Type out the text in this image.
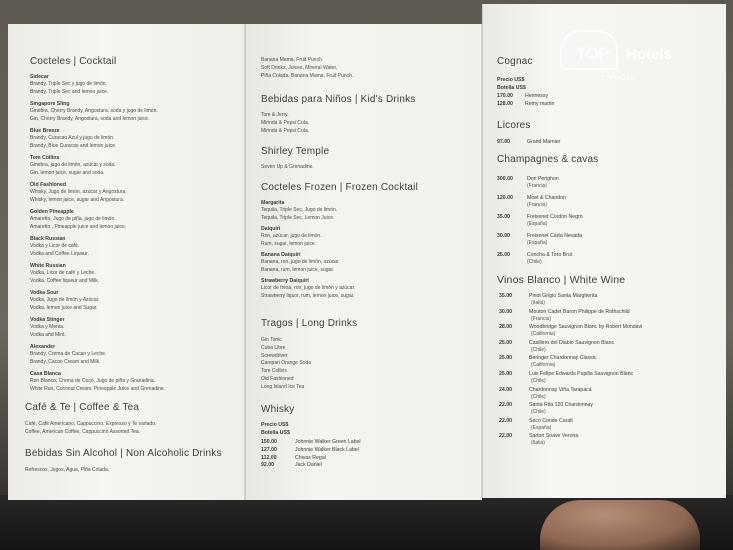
Cocteles | Cocktail
Sidecar
Brandy, Triple Sec y jugo de limón.
Brandy, Triple Sec and lemon juice.
Singapore Sling
Ginebra, Cherry Brandy, Angostura, soda y jugo de limón.
Gin, Cherry Brandy, Angostura, soda and lemon juice.
Blue Breeze
Brandy, Curacao Azul y jugo de limón.
Brandy, Blue Curacao and lemon juice.
Tom Collins
Ginebra, jugo de limón, azúcar y soda.
Gin, lemon juice, sugar and soda.
Old Fashioned
Whisky, Jugo de limón, azúcar y Angostura.
Whisky, lemon juice, sugar and Angostura.
Golden Pineapple
Amaretto, Jugo de piña, jugo de limón.
Amaretto , Pineapple juice and lemon juice.
Black Russian
Vodka y Licor de café.
Vodka and Coffee Liqueur.
White Russian
Vodka, Licor de café y Leche.
Vodka, Coffee liqueur and Milk.
Vodka Sour
Vodka, Jugo de limón y Azúcar.
Vodka, lemon juice and Sugar.
Vodka Stinger
Vodka y Menta.
Vodka and Mint.
Alexander
Brandy, Crema de Cacao y Leche.
Brandy, Cacao Cream and Milk.
Casa Blanca
Ron Blanco, Crema de Coco, Jugo de piña y Granadina.
White Run, Coconut Cream, Pineapple Juice and Grenadine.
Café & Te | Coffee & Tea
Café, Café Americano, Cappuccino, Expresso y Te variado.
Coffee, American Coffee, Cappuccino Assorted Tea.
Bebidas Sin Alcohol | Non Alcoholic Drinks
Refrescos, Jugos, Agua, Piña Colada.
Banana Mama, Fruit Punch.
Soft Drinks, Juices, Mineral Water,
Piña Colada, Banana Mama, Fruit Punch.
Bebidas para Niños | Kid's Drinks
Tom & Jerry.
Mirinda & Pepsi Cola.
Mirinda & Pepsi Cola.
Shirley Temple
Seven Up & Grenadine.
Cocteles Frozen | Frozen Cocktail
Margarita
Tequila, Triple Sec, Jugo de limón.
Tequila, Triple Sec, Lemon Juice.
Daiquiri
Ron, azúcar, jugo de limón.
Rum, sugar, lemon juice.
Banana Daiquiri
Banana, ron, jugo de limón, azúcar.
Banana, rum, lemon juice, sugar.
Strawberry Daiquiri
Licor de fresa, ron, jugo de limón y azúcar.
Strawberry liquor, rum, lemon juice, sugar.
Tragos | Long Drinks
Gin Tonic
Cuba Libre
Screwdriver
Campari Orange Soda
Tom Collins
Old Fashioned
Long Island Ice Tea
Whisky
Precio US$
Botella US$
150.00	Johnnie Walker Green Label
127.00	Johnnie Walker Black Label
112.00	Chivas Regal
92.00	Jack Daniel
Cognac
Precio US$
Botella US$
170.00 Hennessy
128.00 Remy martin
Licores
97.00	Grand Marnier
Champagnes & cavas
300.00	Don Perighon
(Francia)
120.00	Moet & Chandon
(Francia)
35.00	Freixenet Cordón Negro
(España)
30.00	Freixenet Carta Nevada
(España)
25.00	Concha & Toro Brut
(Chile)
Vinos Blanco | White Wine
35.00	Pinot Grigio Santa Margherita
(Italia)
30.00	Mouton Cadet Baron Philippe de Rothschild
(Francia)
28.00	Woodbridge Sauvignon Blanc by Robert Mondavi
(California)
25.00	Casillero del Diablo Sauvignon Blanc
(Chile)
25.00	Beringer Chardonnay Classic
(California)
25.00	Luis Felipe Edwards Pupilla Sauvignon Blanc
(Chile)
24.00	Chardonnay Viña Tarapacá
(Chile)
22.00	Santa Rita 120 Chardonnay
(Chile)
22.00	Seco Conde Caralt
(España)
22.00	Sartori Soave Verona
(Italia)
TOP Hotels
ФОТО ТУРИСТА
